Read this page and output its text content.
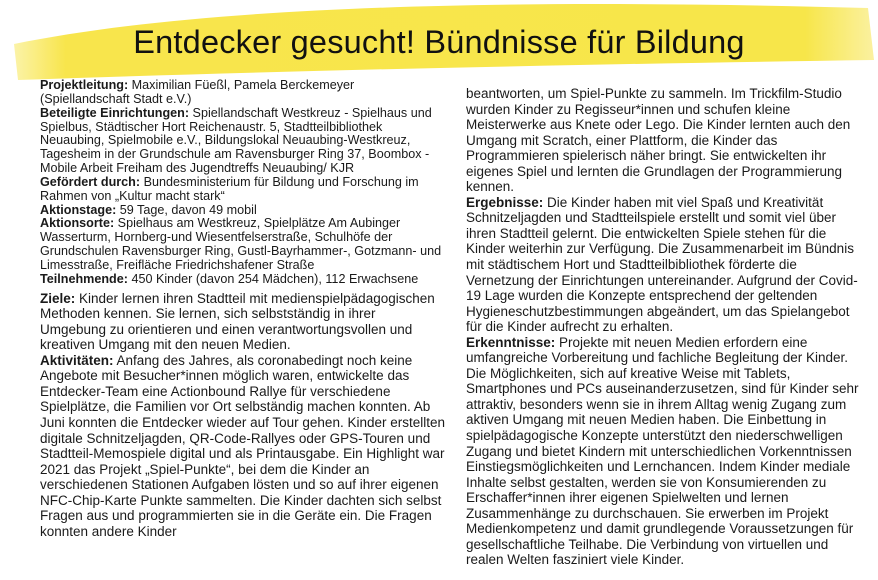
Entdecker gesucht! Bündnisse für Bildung

Projektleitung: Maximilian Füeßl, Pamela Berckemeyer (Spiellandschaft Stadt e.V.)

Beteiligte Einrichtungen: Spiellandschaft Westkreuz - Spielhaus und Spielbus, Städtischer Hort Reichenaustr. 5, Stadtteilbibliothek Neuaubing, Spielmobile e.V., Bildungslokal Neuaubing-Westkreuz, Tagesheim in der Grundschule am Ravensburger Ring 37, Boombox - Mobile Arbeit Freiham des Jugendtreffs Neuaubing/ KJR

Gefördert durch: Bundesministerium für Bildung und Forschung im Rahmen von „Kultur macht stark“

Aktionstage: 59 Tage, davon 49 mobil

Aktionsorte: Spielhaus am Westkreuz, Spielplätze Am Aubinger Wasserturm, Hornberg-und Wiesentfelserstraße, Schulhöfe der Grundschulen Ravensburger Ring, Gustl-Bayrhammer-, Gotzmann- und Limesstraße, Freifläche Friedrichshafener Straße

Teilnehmende: 450 Kinder (davon 254 Mädchen), 112 Erwachsene

Ziele: Kinder lernen ihren Stadtteil mit medienspielpädagogischen Methoden kennen. Sie lernen, sich selbstständig in ihrer Umgebung zu orientieren und einen verantwortungsvollen und kreativen Umgang mit den neuen Medien.

Aktivitäten: Anfang des Jahres, als coronabedingt noch keine Angebote mit Besucher*innen möglich waren, entwickelte das Entdecker-Team eine Actionbound Rallye für verschiedene Spielplätze, die Familien vor Ort selbständig machen konnten. Ab Juni konnten die Entdecker wieder auf Tour gehen. Kinder erstellten digitale Schnitzeljagden, QR-Code-Rallyes oder GPS-Touren und Stadtteil-Memospiele digital und als Printausgabe. Ein Highlight war 2021 das Projekt „Spiel-Punkte“, bei dem die Kinder an verschiedenen Stationen Aufgaben lösten und so auf ihrer eigenen NFC-Chip-Karte Punkte sammelten. Die Kinder dachten sich selbst Fragen aus und programmierten sie in die Geräte ein. Die Fragen konnten andere Kinder

beantworten, um Spiel-Punkte zu sammeln. Im Trickfilm-Studio wurden Kinder zu Regisseur*innen und schufen kleine Meisterwerke aus Knete oder Lego. Die Kinder lernten auch den Umgang mit Scratch, einer Plattform, die Kinder das Programmieren spielerisch näher bringt. Sie entwickelten ihr eigenes Spiel und lernten die Grundlagen der Programmierung kennen.

Ergebnisse: Die Kinder haben mit viel Spaß und Kreativität Schnitzeljagden und Stadtteilspiele erstellt und somit viel über ihren Stadtteil gelernt. Die entwickelten Spiele stehen für die Kinder weiterhin zur Verfügung. Die Zusammenarbeit im Bündnis mit städtischem Hort und Stadtteilbibliothek förderte die Vernetzung der Einrichtungen untereinander. Aufgrund der Covid-19 Lage wurden die Konzepte entsprechend der geltenden Hygieneschutzbestimmungen abgeändert, um das Spielangebot für die Kinder aufrecht zu erhalten.

Erkenntnisse: Projekte mit neuen Medien erfordern eine umfangreiche Vorbereitung und fachliche Begleitung der Kinder. Die Möglichkeiten, sich auf kreative Weise mit Tablets, Smartphones und PCs auseinanderzusetzen, sind für Kinder sehr attraktiv, besonders wenn sie in ihrem Alltag wenig Zugang zum aktiven Umgang mit neuen Medien haben. Die Einbettung in spielpädagogische Konzepte unterstützt den niederschwelligen Zugang und bietet Kindern mit unterschiedlichen Vorkenntnissen Einstiegsmöglichkeiten und Lernchancen. Indem Kinder mediale Inhalte selbst gestalten, werden sie von Konsumierenden zu Erschaffer*innen ihrer eigenen Spielwelten und lernen Zusammenhänge zu durchschauen. Sie erwerben im Projekt Medienkompetenz und damit grundlegende Voraussetzungen für gesellschaftliche Teilhabe. Die Verbindung von virtuellen und realen Welten fasziniert viele Kinder.
